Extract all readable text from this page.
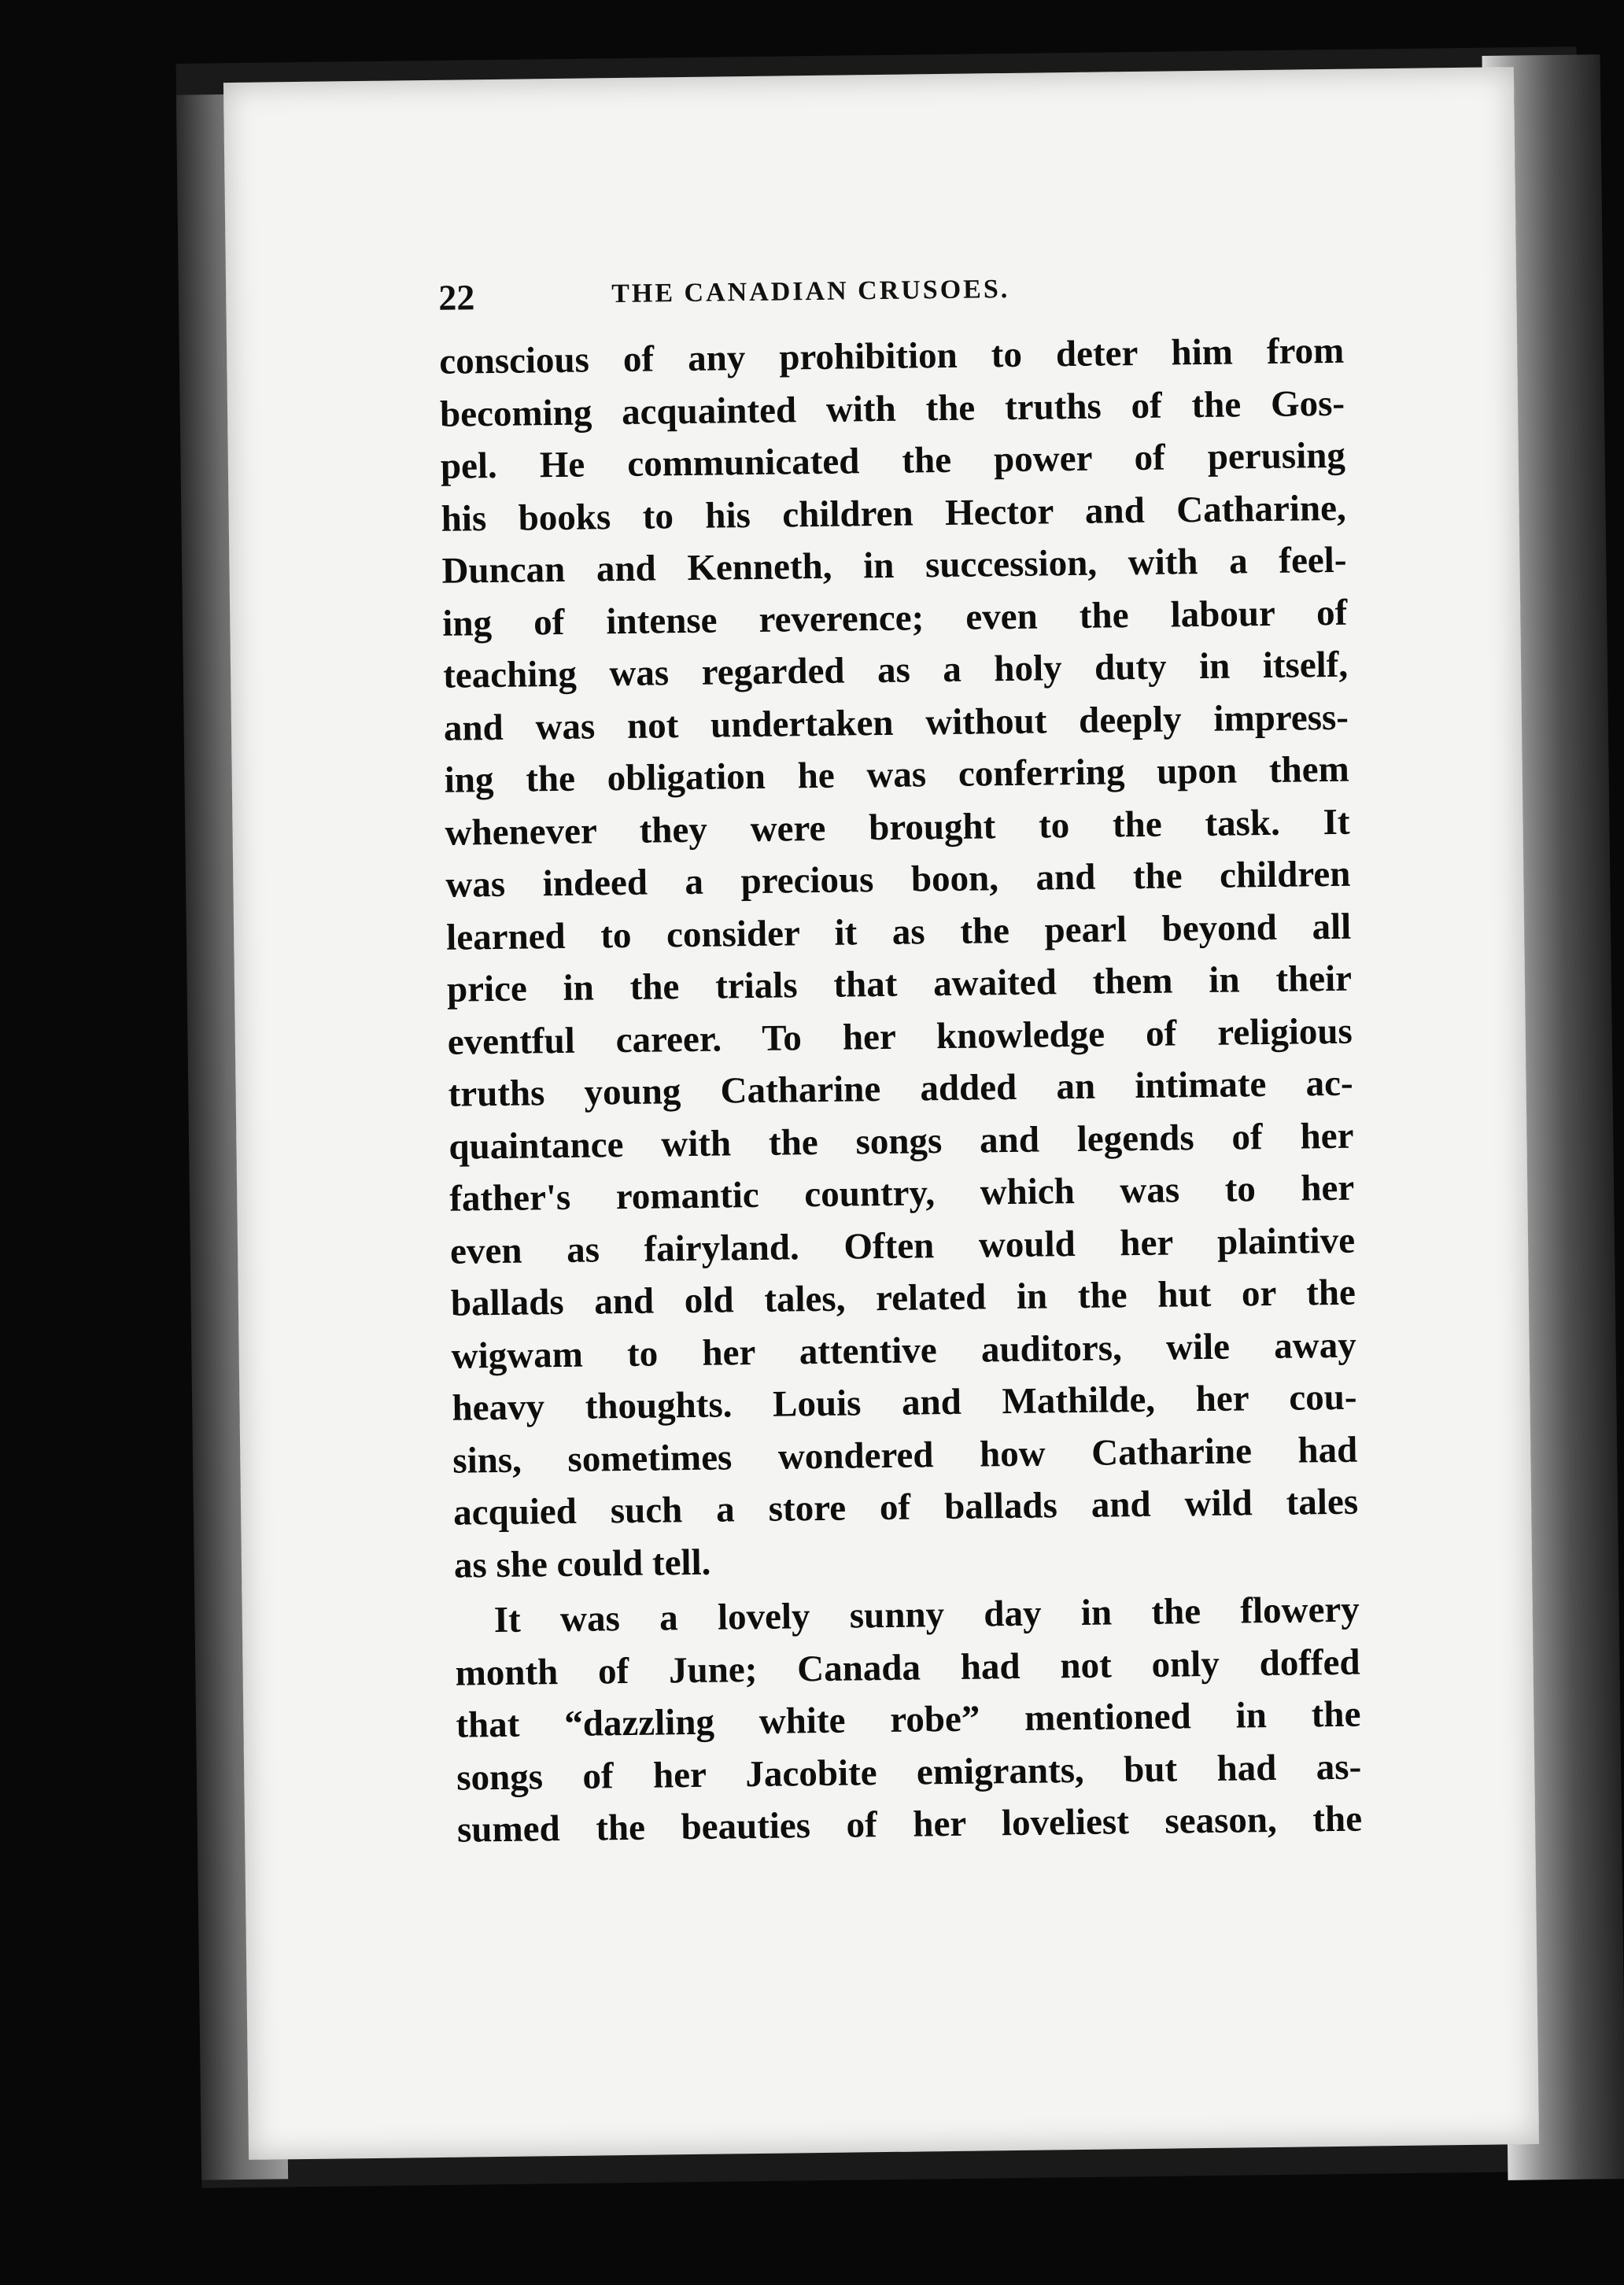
22	THE CANADIAN CRUSOES.
conscious of any prohibition to deter him from
becoming acquainted with the truths of the Gos-
pel. He communicated the power of perusing
his books to his children Hector and Catharine,
Duncan and Kenneth, in succession, with a feel-
ing of intense reverence; even the labour of
teaching was regarded as a holy duty in itself,
and was not undertaken without deeply impress-
ing the obligation he was conferring upon them
whenever they were brought to the task. It
was indeed a precious boon, and the children
learned to consider it as the pearl beyond all
price in the trials that awaited them in their
eventful career. To her knowledge of religious
truths young Catharine added an intimate ac-
quaintance with the songs and legends of her
father's romantic country, which was to her
even as fairyland. Often would her plaintive
ballads and old tales, related in the hut or the
wigwam to her attentive auditors, wile away
heavy thoughts. Louis and Mathilde, her cou-
sins, sometimes wondered how Catharine had
acquied such a store of ballads and wild tales
as she could tell.
It was a lovely sunny day in the flowery
month of June; Canada had not only doffed
that “dazzling white robe” mentioned in the
songs of her Jacobite emigrants, but had as-
sumed the beauties of her loveliest season, the
